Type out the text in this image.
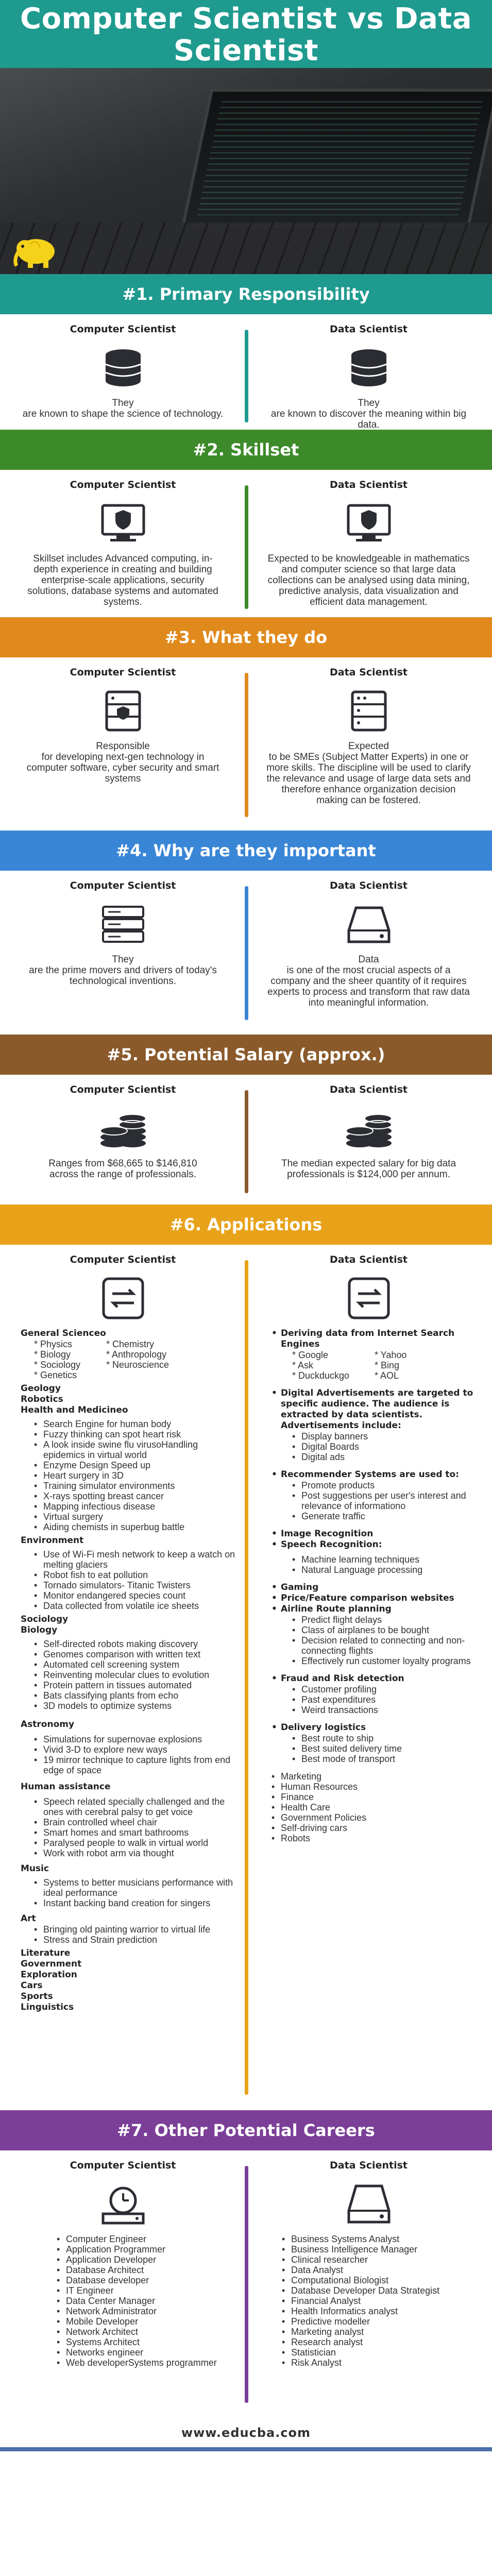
Computer Scientist vs Data Scientist
#1. Primary Responsibility
Computer Scientist
They
are known to shape the science of technology.
Data Scientist
They
are known to discover the meaning within big data.
#2. Skillset
Computer Scientist
Skillset includes Advanced computing, in-depth experience in creating and building enterprise-scale applications, security solutions, database systems and automated systems.
Data Scientist
Expected to be knowledgeable in mathematics and computer science so that large data collections can be analysed using data mining, predictive analysis, data visualization and efficient data management.
#3. What they do
Computer Scientist
Responsible
for developing next-gen technology in computer software, cyber security and smart systems
Data Scientist
Expected
to be SMEs (Subject Matter Experts) in one or more skills. The discipline will be used to clarify the relevance and usage of large data sets and therefore enhance organization decision making can be fostered.
#4. Why are they important
Computer Scientist
They
are the prime movers and drivers of today's technological inventions.
Data Scientist
Data
is one of the most crucial aspects of a company and the sheer quantity of it requires experts to process and transform that raw data into meaningful information.
#5. Potential Salary (approx.)
Computer Scientist
Ranges from $68,665 to $146,810 across the range of professionals.
Data Scientist
The median expected salary for big data professionals is $124,000 per annum.
#6. Applications
Computer Scientist
General Scienceo
* Physics	* Chemistry
* Biology	* Anthropology
* Sociology	* Neuroscience
* Genetics
Geology
Robotics
Health and Medicineo
• Search Engine for human body
• Fuzzy thinking can spot heart risk
• A look inside swine flu virusoHandling epidemics in virtual world
• Enzyme Design Speed up
• Heart surgery in 3D
• Training simulator environments
• X-rays spotting breast cancer
• Mapping infectious disease
• Virtual surgery
• Aiding chemists in superbug battle
Environment
• Use of Wi-Fi mesh network to keep a watch on melting glaciers
• Robot fish to eat pollution
• Tornado simulators- Titanic Twisters
• Monitor endangered species count
• Data collected from volatile ice sheets
Sociology
Biology
• Self-directed robots making discovery
• Genomes comparison with written text
• Automated cell screening system
• Reinventing molecular clues to evolution
• Protein pattern in tissues automated
• Bats classifying plants from echo
• 3D models to optimize systems
Astronomy
• Simulations for supernovae explosions
• Vivid 3-D to explore new ways
• 19 mirror technique to capture lights from end edge of space
Human assistance
• Speech related specially challenged and the ones with cerebral palsy to get voice
• Brain controlled wheel chair
• Smart homes and smart bathrooms
• Paralysed people to walk in virtual world
• Work with robot arm via thought
Music
• Systems to better musicians performance with ideal performance
• Instant backing band creation for singers
Art
• Bringing old painting warrior to virtual life
• Stress and Strain prediction
Literature
Government
Exploration
Cars
Sports
Linguistics
Data Scientist
• Deriving data from Internet Search Engines
* Google	* Yahoo
* Ask	* Bing
* Duckduckgo	* AOL
• Digital Advertisements are targeted to specific audience. The audience is extracted by data scientists. Advertisements include:
• Display banners
• Digital Boards
• Digital ads
• Recommender Systems are used to:
• Promote products
• Post suggestions per user's interest and relevance of informationo
• Generate traffic
• Image Recognition
• Speech Recognition:
• Machine learning techniques
• Natural Language processing
• Gaming
• Price/Feature comparison websites
• Airline Route planning
• Predict flight delays
• Class of airplanes to be bought
• Decision related to connecting and non-connecting flights
• Effectively run customer loyalty programs
• Fraud and Risk detection
• Customer profiling
• Past expenditures
• Weird transactions
• Delivery logistics
• Best route to ship
• Best suited delivery time
• Best mode of transport
• Marketing
• Human Resources
• Finance
• Health Care
• Government Policies
• Self-driving cars
• Robots
#7. Other Potential Careers
Computer Scientist
• Computer Engineer
• Application Programmer
• Application Developer
• Database Architect
• Database developer
• IT Engineer
• Data Center Manager
• Network Administrator
• Mobile Developer
• Network Architect
• Systems Architect
• Networks engineer
• Web developerSystems programmer
Data Scientist
• Business Systems Analyst
• Business Intelligence Manager
• Clinical researcher
• Data Analyst
• Computational Biologist
• Database Developer Data Strategist
• Financial Analyst
• Health Informatics analyst
• Predictive modeller
• Marketing analyst
• Research analyst
• Statistician
• Risk Analyst
www.educba.com
